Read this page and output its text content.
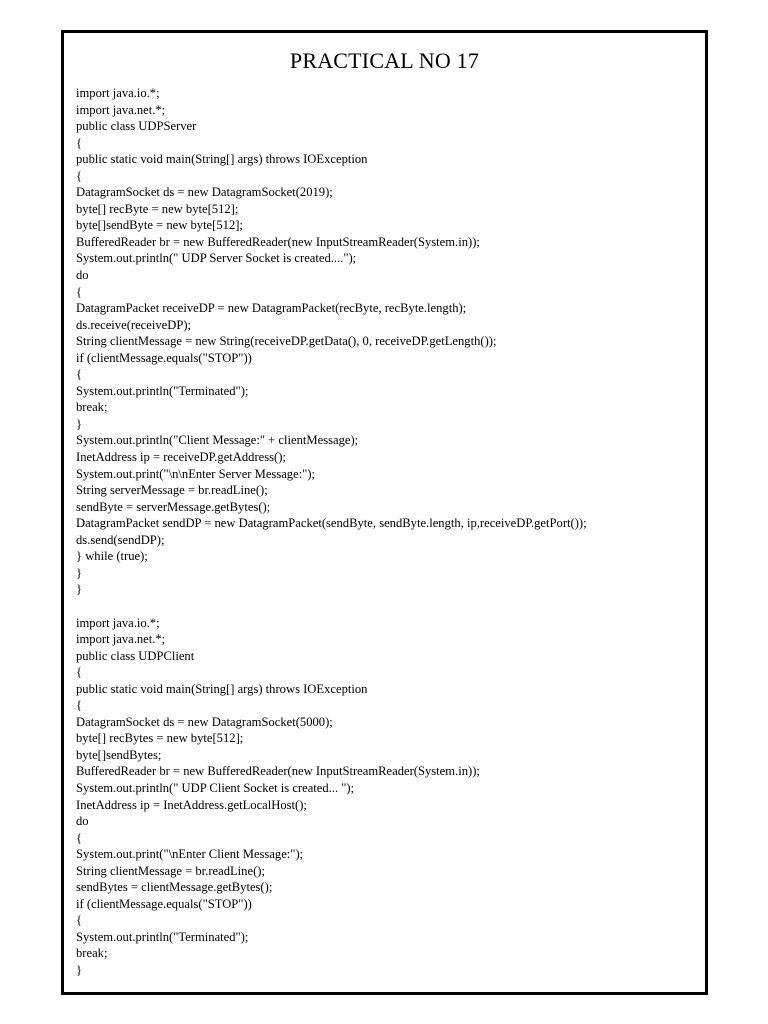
PRACTICAL NO 17
import java.io.*;
import java.net.*;
public class UDPServer
{
public static void main(String[] args) throws IOException
{
DatagramSocket ds = new DatagramSocket(2019);
byte[] recByte = new byte[512];
byte[]sendByte = new byte[512];
BufferedReader br = new BufferedReader(new InputStreamReader(System.in));
System.out.println(" UDP Server Socket is created....");
do
{
DatagramPacket receiveDP = new DatagramPacket(recByte, recByte.length);
ds.receive(receiveDP);
String clientMessage = new String(receiveDP.getData(), 0, receiveDP.getLength());
if (clientMessage.equals("STOP"))
{
System.out.println("Terminated");
break;
}
System.out.println("Client Message:" + clientMessage);
InetAddress ip = receiveDP.getAddress();
System.out.print("\n\nEnter Server Message:");
String serverMessage = br.readLine();
sendByte = serverMessage.getBytes();
DatagramPacket sendDP = new DatagramPacket(sendByte, sendByte.length, ip,receiveDP.getPort());
ds.send(sendDP);
} while (true);
}
}
import java.io.*;
import java.net.*;
public class UDPClient
{
public static void main(String[] args) throws IOException
{
DatagramSocket ds = new DatagramSocket(5000);
byte[] recBytes = new byte[512];
byte[]sendBytes;
BufferedReader br = new BufferedReader(new InputStreamReader(System.in));
System.out.println(" UDP Client Socket is created... ");
InetAddress ip = InetAddress.getLocalHost();
do
{
System.out.print("\nEnter Client Message:");
String clientMessage = br.readLine();
sendBytes = clientMessage.getBytes();
if (clientMessage.equals("STOP"))
{
System.out.println("Terminated");
break;
}
